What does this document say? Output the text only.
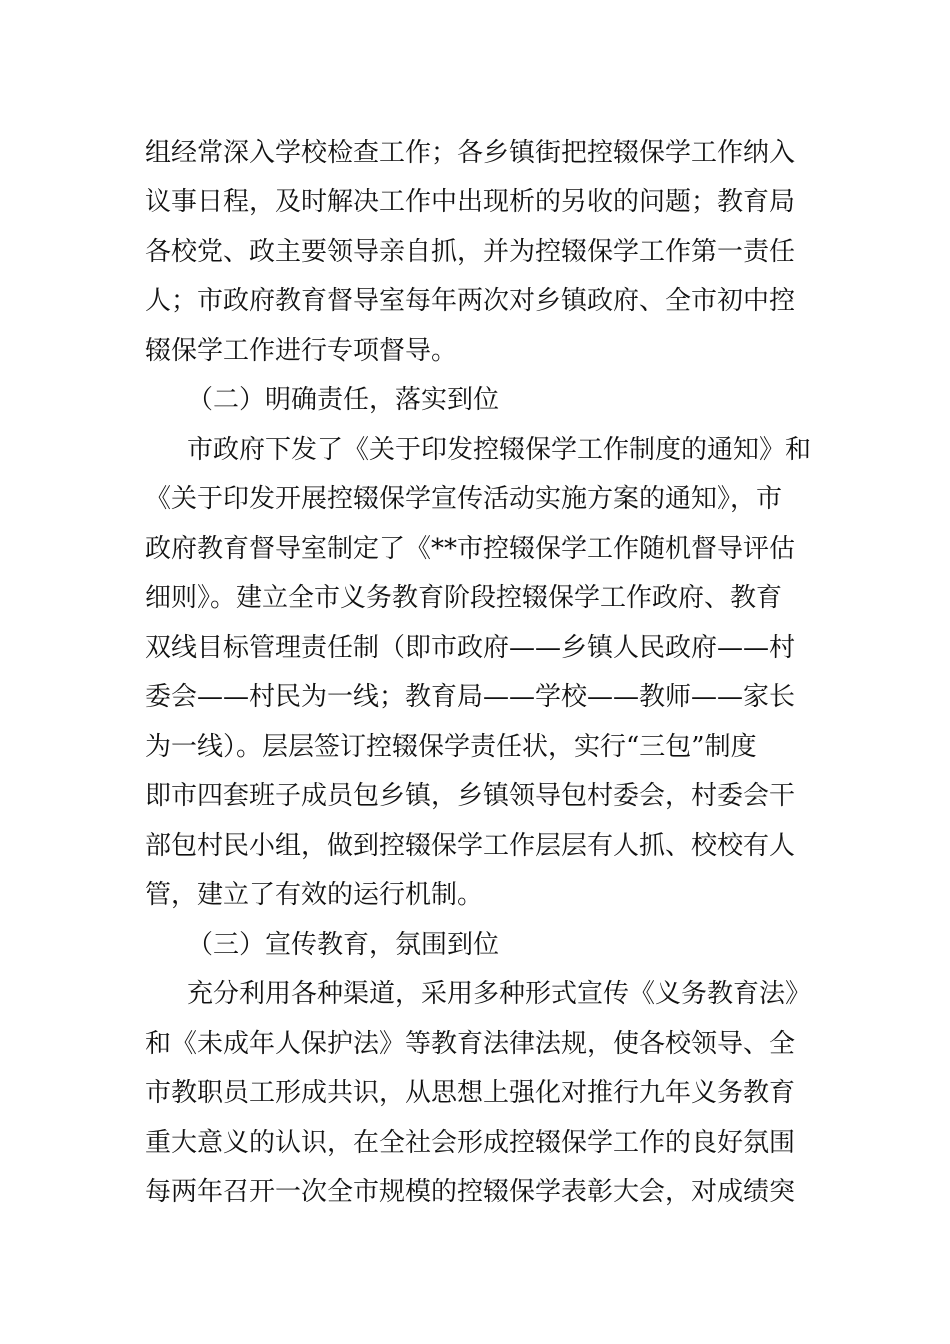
组经常深入学校检查工作；各乡镇街把控辍保学工作纳入
议事日程，及时解决工作中出现析的另收的问题；教育局
各校党、政主要领导亲自抓，并为控辍保学工作第一责任
人；市政府教育督导室每年两次对乡镇政府、全市初中控
辍保学工作进行专项督导。
（二）明确责任，落实到位
市政府下发了《关于印发控辍保学工作制度的通知》和
《关于印发开展控辍保学宣传活动实施方案的通知》，市
政府教育督导室制定了《**市控辍保学工作随机督导评估
细则》。建立全市义务教育阶段控辍保学工作政府、教育
双线目标管理责任制（即市政府——乡镇人民政府——村
委会——村民为一线；教育局——学校——教师——家长
为一线）。层层签订控辍保学责任状，实行“三包”制度
即市四套班子成员包乡镇，乡镇领导包村委会，村委会干
部包村民小组，做到控辍保学工作层层有人抓、校校有人
管，建立了有效的运行机制。
（三）宣传教育，氛围到位
充分利用各种渠道，采用多种形式宣传《义务教育法》
和《未成年人保护法》等教育法律法规，使各校领导、全
市教职员工形成共识，从思想上强化对推行九年义务教育
重大意义的认识，在全社会形成控辍保学工作的良好氛围
每两年召开一次全市规模的控辍保学表彰大会，对成绩突
